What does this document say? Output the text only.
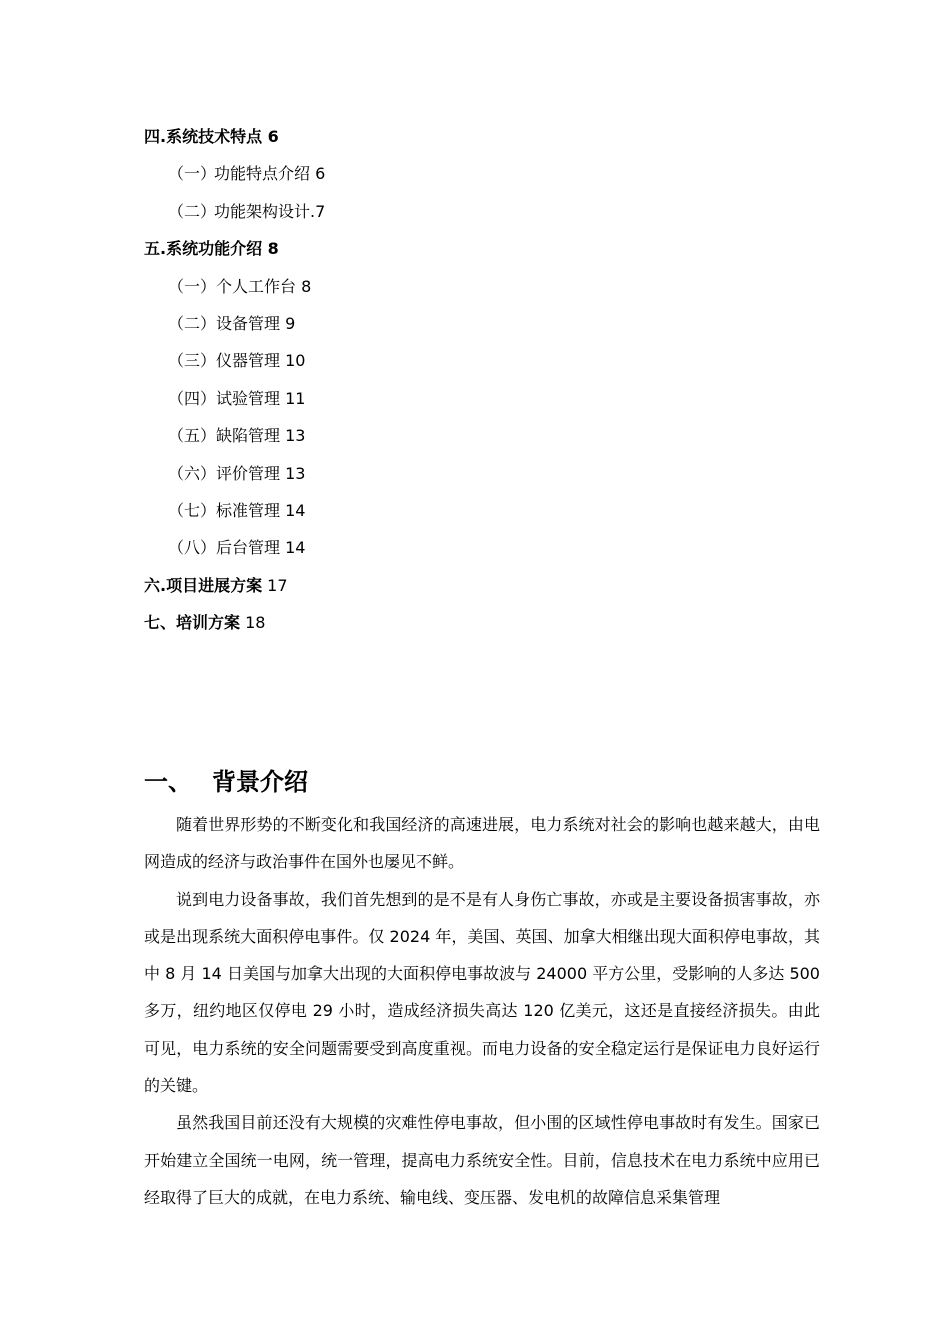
四.系统技术特点 6
（一）功能特点介绍 6
（二）功能架构设计.7
五.系统功能介绍 8
（一）个人工作台 8
（二）设备管理 9
（三）仪器管理 10
（四）试验管理 11
（五）缺陷管理 13
（六）评价管理 13
（七）标准管理 14
（八）后台管理 14
六.项目进展方案 17
七、培训方案 18
一、 背景介绍

随着世界形势的不断变化和我国经济的高速进展，电力系统对社会的影响也越来越大，由电网造成的经济与政治事件在国外也屡见不鲜。

说到电力设备事故，我们首先想到的是不是有人身伤亡事故，亦或是主要设备损害事故，亦或是出现系统大面积停电事件。仅 2024 年，美国、英国、加拿大相继出现大面积停电事故，其中 8 月 14 日美国与加拿大出现的大面积停电事故波与 24000 平方公里，受影响的人多达 500 多万，纽约地区仅停电 29 小时，造成经济损失高达 120 亿美元，这还是直接经济损失。由此可见，电力系统的安全问题需要受到高度重视。而电力设备的安全稳定运行是保证电力良好运行的关键。

虽然我国目前还没有大规模的灾难性停电事故，但小围的区域性停电事故时有发生。国家已开始建立全国统一电网，统一管理，提高电力系统安全性。目前，信息技术在电力系统中应用已经取得了巨大的成就，在电力系统、输电线、变压器、发电机的故障信息采集管理
